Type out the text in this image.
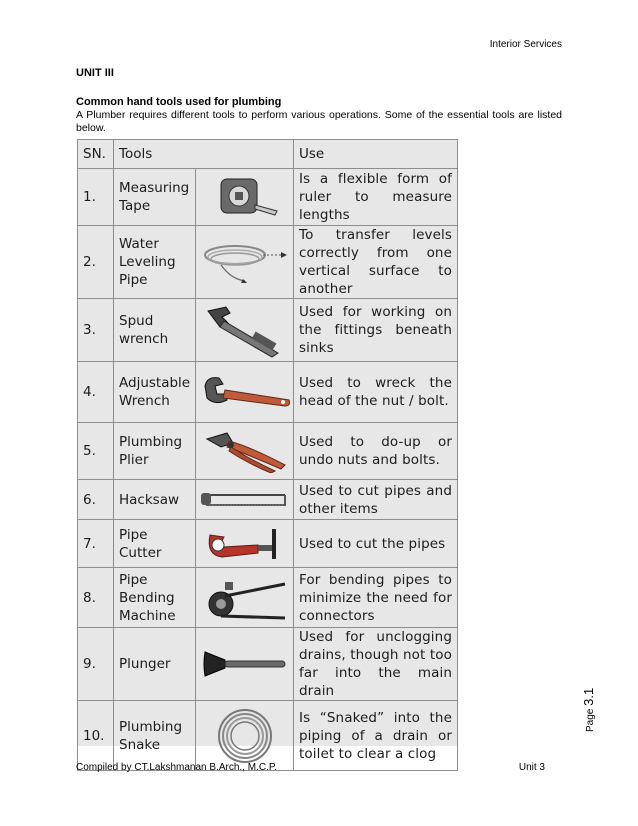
Interior Services
UNIT III
Common hand tools used for plumbing
A Plumber requires different tools to perform various operations. Some of the essential tools are listed below.
SN.	Tools		Use
1.	Measuring Tape		Is a flexible form of ruler to measure lengths
2.	Water Leveling Pipe		To transfer levels correctly from one vertical surface to another
3.	Spud wrench		Used for working on the fittings beneath sinks
4.	Adjustable Wrench		Used to wreck the head of the nut / bolt.
5.	Plumbing Plier		Used to do-up or undo nuts and bolts.
6.	Hacksaw		Used to cut pipes and other items
7.	Pipe Cutter		Used to cut the pipes
8.	Pipe Bending Machine		For bending pipes to minimize the need for connectors
9.	Plunger		Used for unclogging drains, though not too far into the main drain
10.	Plumbing Snake		Is “Snaked” into the piping of a drain or toilet to clear a clog
Page 3.1
Compiled by CT.Lakshmanan B.Arch., M.C.P.	Unit 3
